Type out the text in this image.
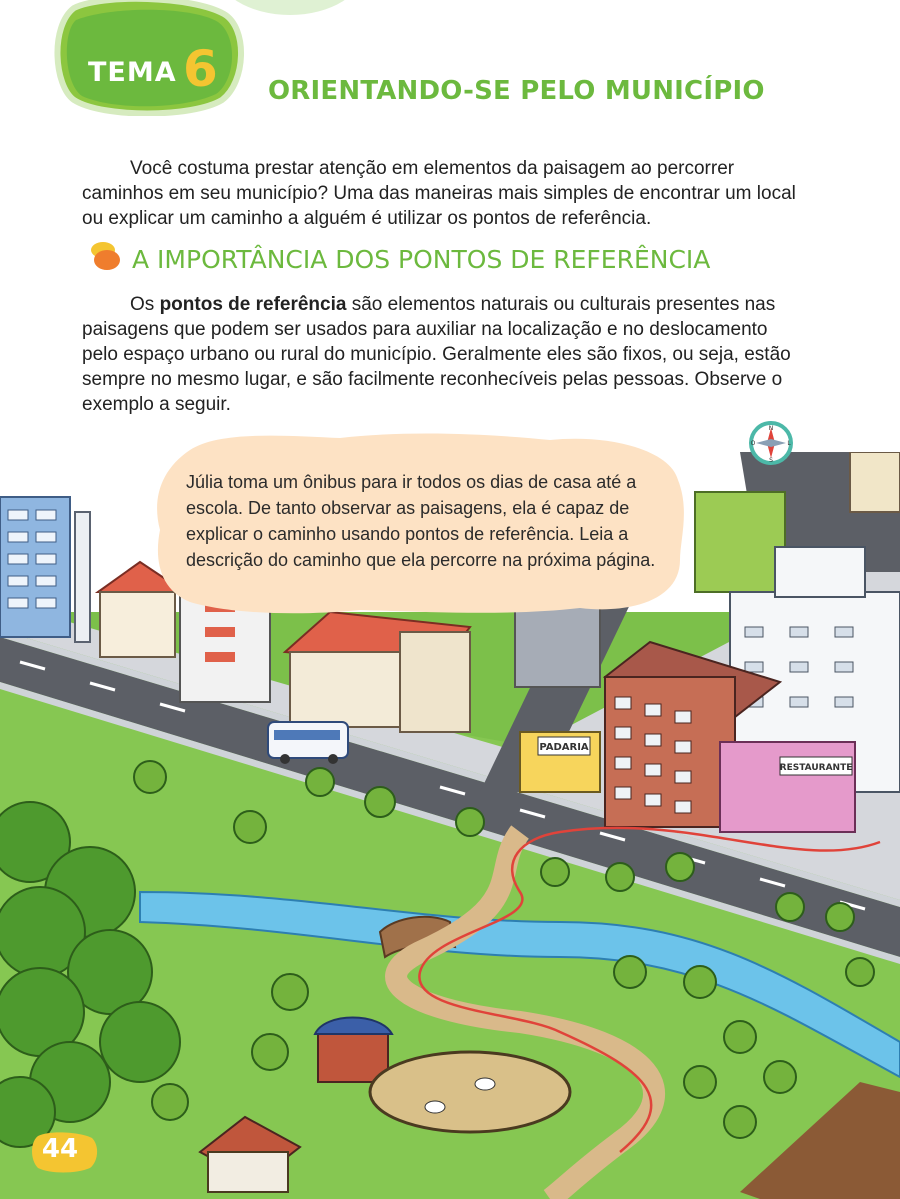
TEMA 6 ORIENTANDO-SE PELO MUNICÍPIO
Você costuma prestar atenção em elementos da paisagem ao percorrer
caminhos em seu município? Uma das maneiras mais simples de encontrar um local
ou explicar um caminho a alguém é utilizar os pontos de referência.
A IMPORTÂNCIA DOS PONTOS DE REFERÊNCIA
Os pontos de referência são elementos naturais ou culturais presentes nas
paisagens que podem ser usados para auxiliar na localização e no deslocamento
pelo espaço urbano ou rural do município. Geralmente eles são fixos, ou seja, estão
sempre no mesmo lugar, e são facilmente reconhecíveis pelas pessoas. Observe o
exemplo a seguir.
PADARIA
RESTAURANTE
Júlia toma um ônibus para ir todos os dias de casa até a
escola. De tanto observar as paisagens, ela é capaz de
explicar o caminho usando pontos de referência. Leia a
descrição do caminho que ela percorre na próxima página.
N
S
L
O
44
